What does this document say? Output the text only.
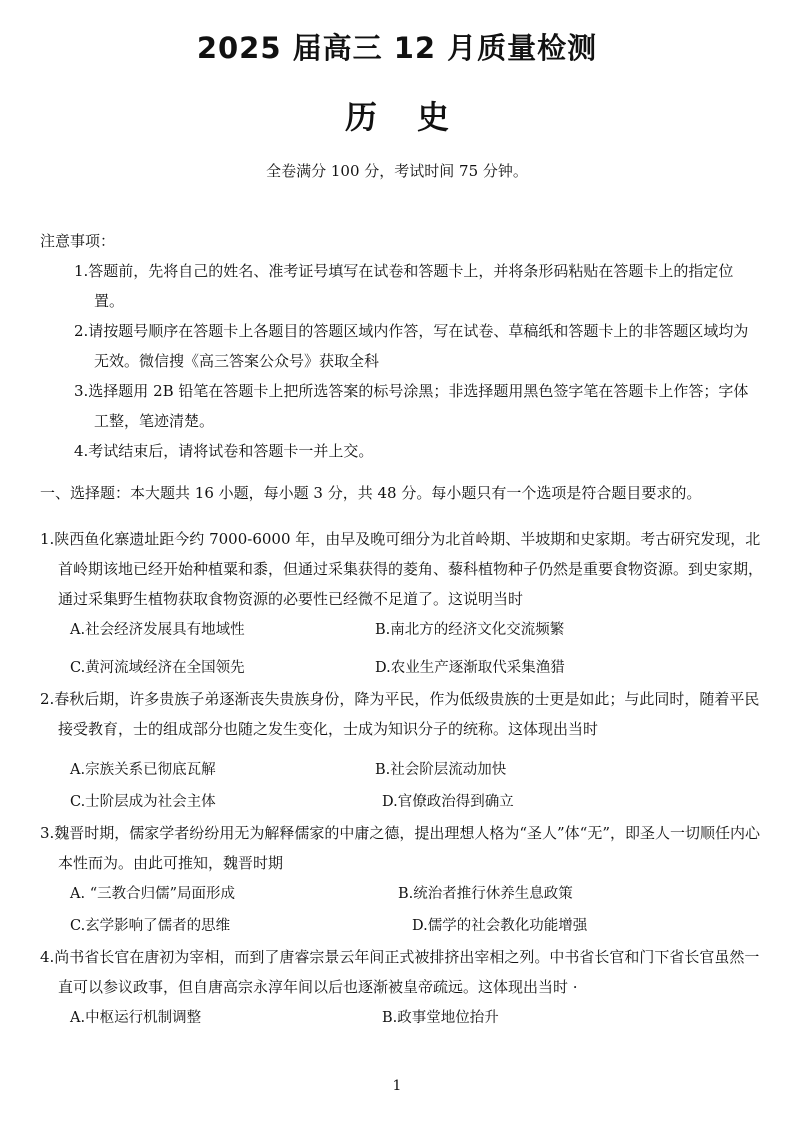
2025 届高三 12 月质量检测
历史
全卷满分 100 分，考试时间 75 分钟。

注意事项：

1.答题前，先将自己的姓名、准考证号填写在试卷和答题卡上，并将条形码粘贴在答题卡上的指定位置。

2.请按题号顺序在答题卡上各题目的答题区域内作答，写在试卷、草稿纸和答题卡上的非答题区域均为无效。微信搜《高三答案公众号》获取全科

3.选择题用 2B 铅笔在答题卡上把所选答案的标号涂黑；非选择题用黑色签字笔在答题卡上作答；字体工整，笔迹清楚。

4.考试结束后，请将试卷和答题卡一并上交。

一、选择题：本大题共 16 小题，每小题 3 分，共 48 分。每小题只有一个选项是符合题目要求的。

1.陕西鱼化寨遗址距今约 7000-6000 年，由早及晚可细分为北首岭期、半坡期和史家期。考古研究发现，北首岭期该地已经开始种植粟和黍，但通过采集获得的菱角、藜科植物种子仍然是重要食物资源。到史家期，通过采集野生植物获取食物资源的必要性已经微不足道了。这说明当时

A.社会经济发展具有地域性	B.南北方的经济文化交流频繁
C.黄河流域经济在全国领先	D.农业生产逐渐取代采集渔猎

2.春秋后期，许多贵族子弟逐渐丧失贵族身份，降为平民，作为低级贵族的士更是如此；与此同时，随着平民接受教育，士的组成部分也随之发生变化，士成为知识分子的统称。这体现出当时

A.宗族关系已彻底瓦解	B.社会阶层流动加快
C.士阶层成为社会主体	D.官僚政治得到确立

3.魏晋时期，儒家学者纷纷用无为解释儒家的中庸之德，提出理想人格为“圣人”体“无”，即圣人一切顺任内心本性而为。由此可推知，魏晋时期

A. “三教合归儒”局面形成	B.统治者推行休养生息政策
C.玄学影响了儒者的思维	D.儒学的社会教化功能增强

4.尚书省长官在唐初为宰相，而到了唐睿宗景云年间正式被排挤出宰相之列。中书省长官和门下省长官虽然一直可以参议政事，但自唐高宗永淳年间以后也逐渐被皇帝疏远。这体现出当时 ·

A.中枢运行机制调整	B.政事堂地位抬升
1
